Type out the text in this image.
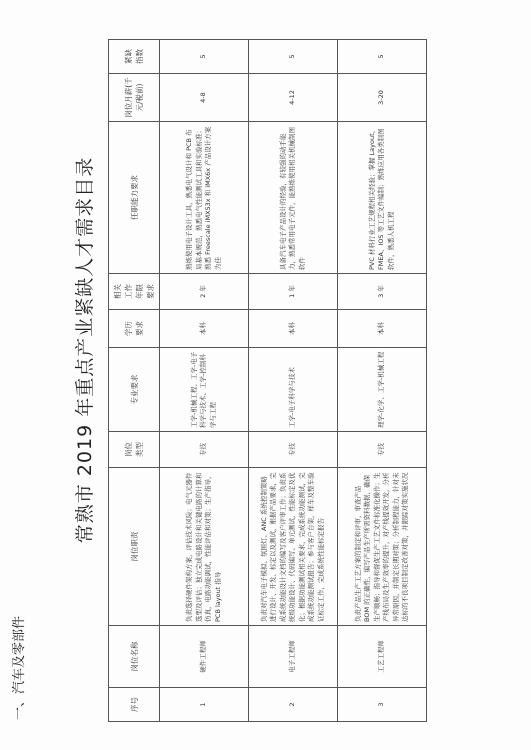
一、汽车及零部件
常熟市 2019 年重点产业紧缺人才需求目录
序号	岗位名称	岗位职责	岗位类型	专业要求	学历要求	相关工作年限要求	任职能力要求	岗位月薪(千元/税前)	紧缺指数
1	硬件工程师	负责选择硬件架构方案，评估技术风险；电气元器件选型及评估；独立完成电路设计和关键电路的计算和仿真，电路功能调试，性能评估和对策；生产指导，PCB layout 指导	专技	工学-机械工程、工学-电子科学与技术、工学-控制科学与工程	本科	2 年	熟练使用电子设计工具，熟悉电气设计和 PCB 布局基本规范，熟悉电气性能测试工具和实验标准；熟悉 Freescale iMX53x 和 iMX6x 产品设计方案为佳	4-8	5
2	电子工程师	负责对汽车电子模拟、氛围灯、ANC 系统控制策略进行设计、开发、标定以及测试，根据产品要求，完成系统功能设计文档的编写及客户评审工作；负责系统级功能设计、代码编写、单元测试，性能标定及优化；根据功能测试相关要求，完成系统功能测试，完成系统功能测试报告；参与客户台架，样车及整车验证标定工作，完成系统性能标定报告	专技	工学-电子科学与技术	本科	1 年	具备汽车电子产品设计的经验，有较强的动手能力，熟悉常用电子元件，能熟练使用相关机械制图软件	4-12	5
3	工艺工程师	负责产品生产工艺方案的制定和评审，审查产品 BOM 的正确性，编写产品生产所需资料数据，确保生产顺畅；指导和督促生产工艺文件标准化操作；生产线布局及生产效率的提升，对产线提效开发，分析异常原因，并制定长期对策；分析制程能力，针对未达标的不良项目制定改善对策，并跟踪对策实施状况	专技	理学-化学、工学-机械工程	本科	3 年	PVC 材料行业工艺规程相关经验；掌握 Layout、FMEA、IOS 等工艺文件编制；熟练应用各类制图软件，熟悉人机工程	3-20	5
